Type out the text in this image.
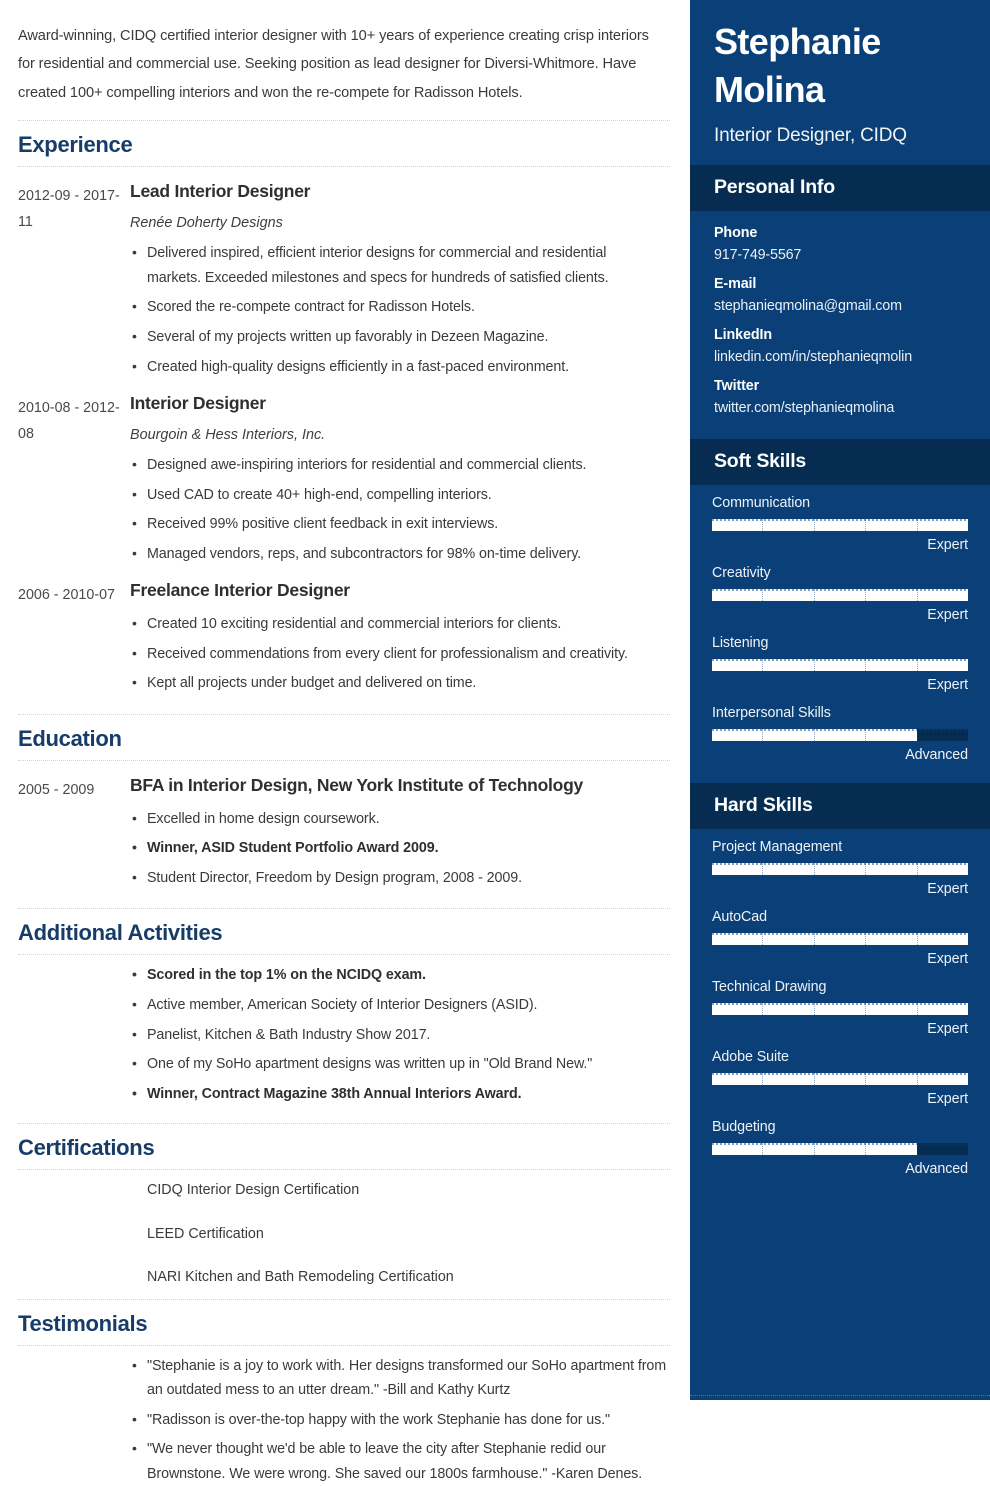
Award-winning, CIDQ certified interior designer with 10+ years of experience creating crisp interiors for residential and commercial use. Seeking position as lead designer for Diversi-Whitmore. Have created 100+ compelling interiors and won the re-compete for Radisson Hotels.

Experience
2012-09 - 2017-11
Lead Interior Designer
Renée Doherty Designs
• Delivered inspired, efficient interior designs for commercial and residential markets. Exceeded milestones and specs for hundreds of satisfied clients.
• Scored the re-compete contract for Radisson Hotels.
• Several of my projects written up favorably in Dezeen Magazine.
• Created high-quality designs efficiently in a fast-paced environment.
2010-08 - 2012-08
Interior Designer
Bourgoin & Hess Interiors, Inc.
• Designed awe-inspiring interiors for residential and commercial clients.
• Used CAD to create 40+ high-end, compelling interiors.
• Received 99% positive client feedback in exit interviews.
• Managed vendors, reps, and subcontractors for 98% on-time delivery.
2006 - 2010-07 Freelance Interior Designer
• Created 10 exciting residential and commercial interiors for clients.
• Received commendations from every client for professionalism and creativity.
• Kept all projects under budget and delivered on time.
Education
2005 - 2009	BFA in Interior Design, New York Institute of Technology
• Excelled in home design coursework.
• Winner, ASID Student Portfolio Award 2009.
• Student Director, Freedom by Design program, 2008 - 2009.
Additional Activities
• Scored in the top 1% on the NCIDQ exam.
• Active member, American Society of Interior Designers (ASID).
• Panelist, Kitchen & Bath Industry Show 2017.
• One of my SoHo apartment designs was written up in "Old Brand New."
• Winner, Contract Magazine 38th Annual Interiors Award.
Certifications
CIDQ Interior Design Certification
LEED Certification
NARI Kitchen and Bath Remodeling Certification
Testimonials
• "Stephanie is a joy to work with. Her designs transformed our SoHo apartment from an outdated mess to an utter dream." -Bill and Kathy Kurtz
• "Radisson is over-the-top happy with the work Stephanie has done for us."
• "We never thought we'd be able to leave the city after Stephanie redid our Brownstone. We were wrong. She saved our 1800s farmhouse." -Karen Denes.
Stephanie Molina
Interior Designer, CIDQ
Personal Info
Phone
917-749-5567
E-mail
stephanieqmolina@gmail.com
LinkedIn
linkedin.com/in/stephanieqmolin
Twitter
twitter.com/stephanieqmolina
Soft Skills
Communication
Expert
Creativity
Expert
Listening
Expert
Interpersonal Skills
Advanced
Hard Skills
Project Management
Expert
AutoCad
Expert
Technical Drawing
Expert
Adobe Suite
Expert
Budgeting
Advanced
